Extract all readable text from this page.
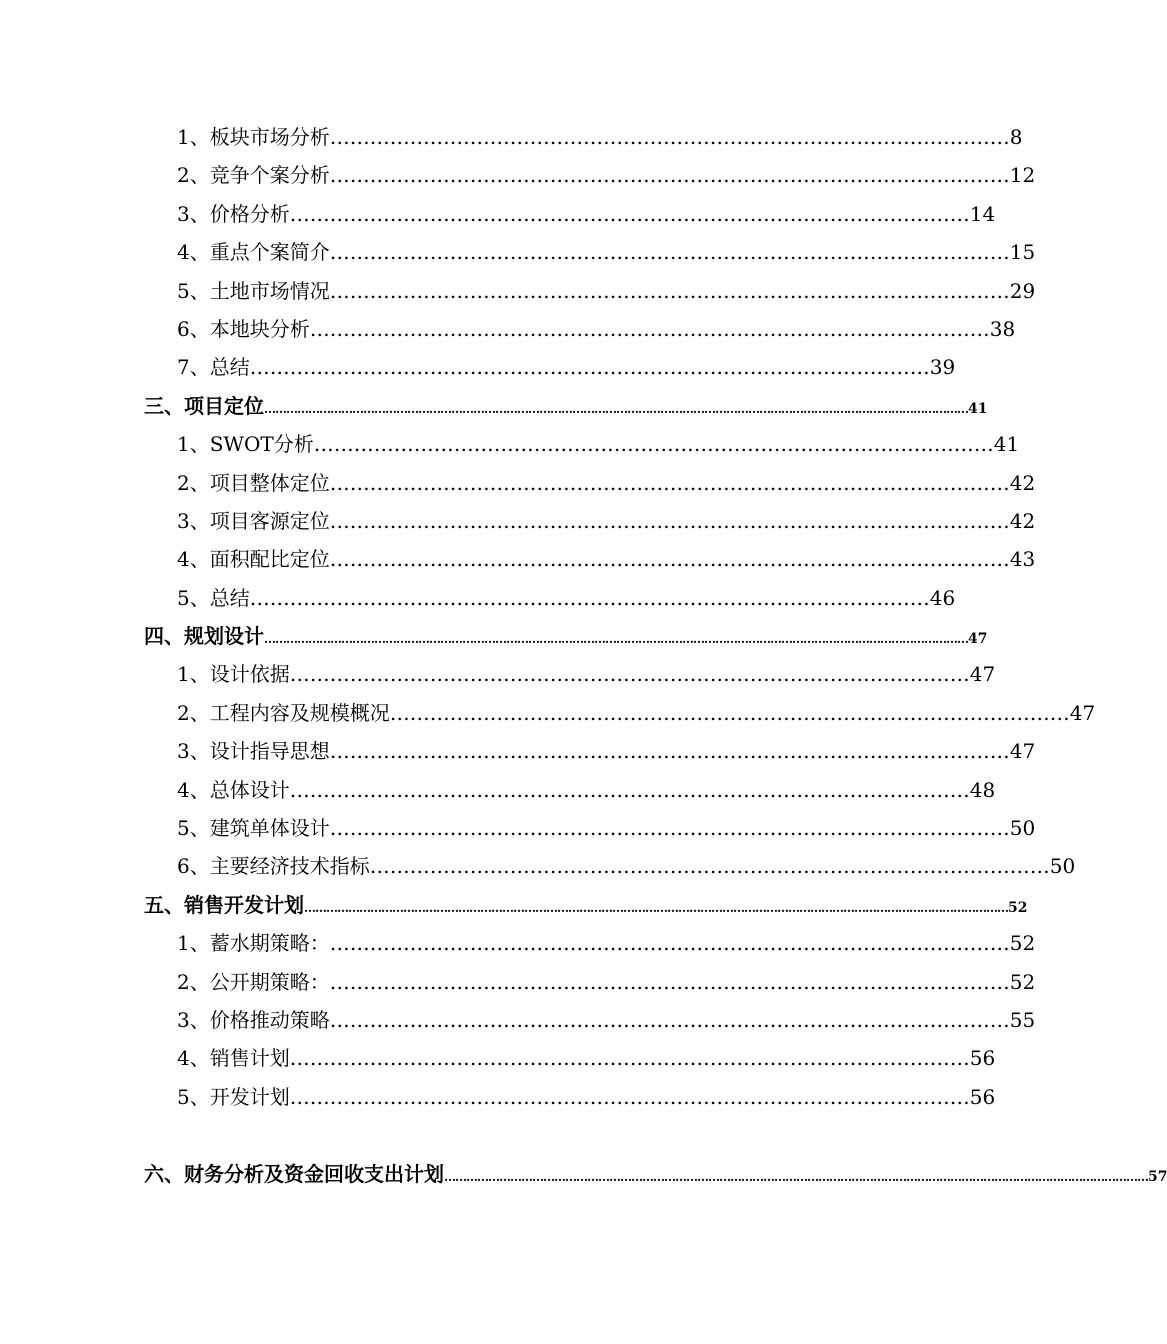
1、板块市场分析 ………………………………………………………………………………………… 8
2、竞争个案分析 ………………………………………………………………………………………… 12
3、价格分析 ………………………………………………………………………………………… 14
4、重点个案简介 ………………………………………………………………………………………… 15
5、土地市场情况 ………………………………………………………………………………………… 29
6、本地块分析 ………………………………………………………………………………………… 38
7、总结 ………………………………………………………………………………………… 39
三、项目定位 ………………………………………………………………………………………………………………………………………………………………………… 41
1、SWOT分析 ………………………………………………………………………………………… 41
2、项目整体定位 ………………………………………………………………………………………… 42
3、项目客源定位 ………………………………………………………………………………………… 42
4、面积配比定位 ………………………………………………………………………………………… 43
5、总结 ………………………………………………………………………………………… 46
四、规划设计 ………………………………………………………………………………………………………………………………………………………………………… 47
1、设计依据 ………………………………………………………………………………………… 47
2、工程内容及规模概况 ………………………………………………………………………………………… 47
3、设计指导思想 ………………………………………………………………………………………… 47
4、总体设计 ………………………………………………………………………………………… 48
5、建筑单体设计 ………………………………………………………………………………………… 50
6、主要经济技术指标 ………………………………………………………………………………………… 50
五、销售开发计划 ………………………………………………………………………………………………………………………………………………………………………… 52
1、蓄水期策略： ………………………………………………………………………………………… 52
2、公开期策略： ………………………………………………………………………………………… 52
3、价格推动策略 ………………………………………………………………………………………… 55
4、销售计划 ………………………………………………………………………………………… 56
5、开发计划 ………………………………………………………………………………………… 56
六、财务分析及资金回收支出计划 ………………………………………………………………………………………………………………………………………………………………………… 57
